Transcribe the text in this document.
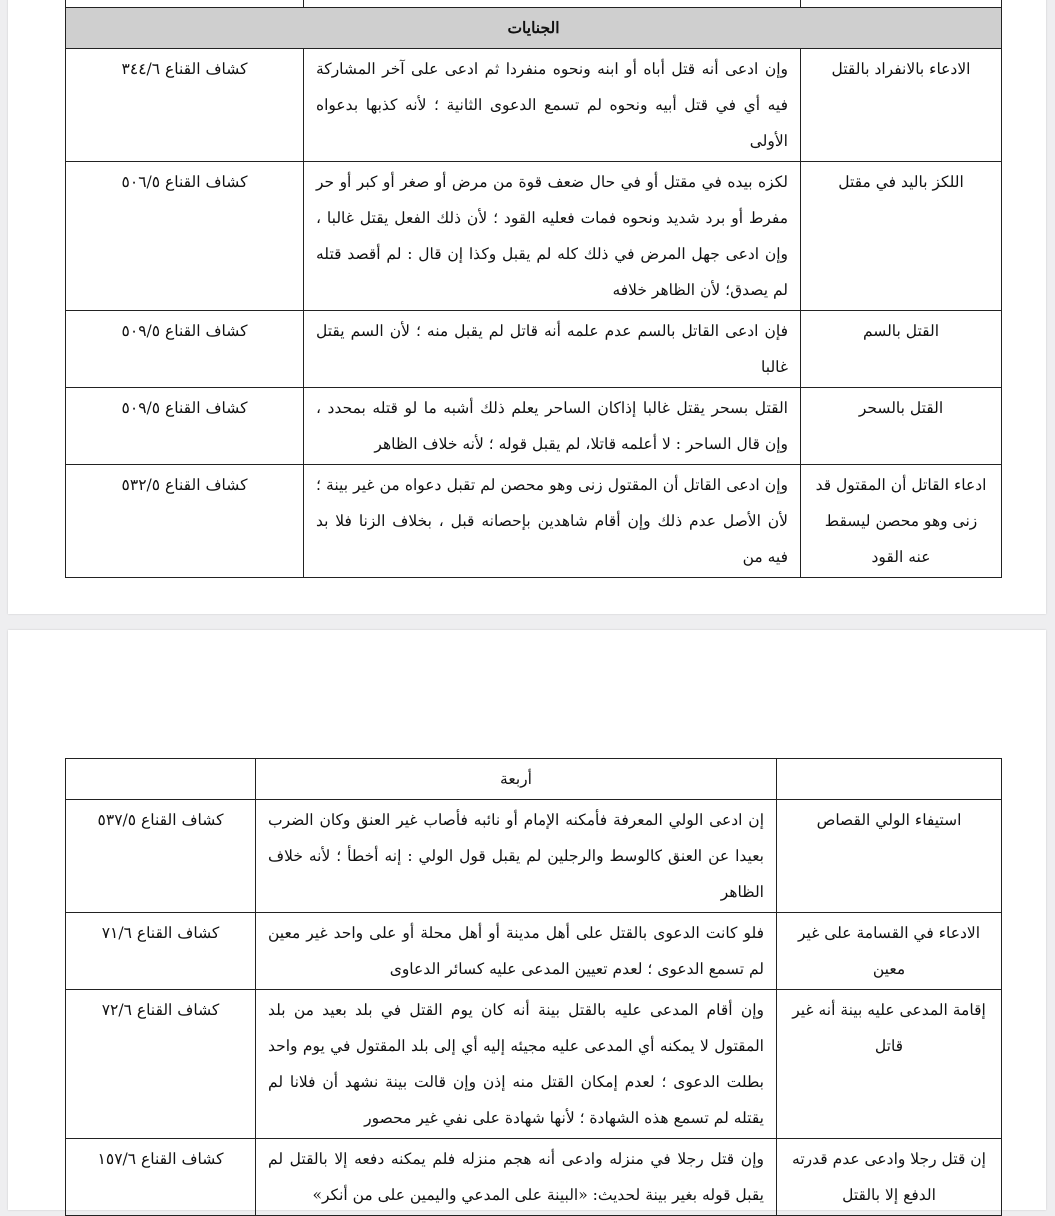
الجنايات		
الادعاء بالانفراد بالقتل	وإن ادعى أنه قتل أباه أو ابنه ونحوه منفردا ثم ادعى على آخر المشاركة فيه أي في قتل أبيه ونحوه لم تسمع الدعوى الثانية ؛ لأنه كذبها بدعواه الأولى	كشاف القناع ٣٤٤/٦
اللكز باليد في مقتل	لكزه بيده في مقتل أو في حال ضعف قوة من مرض أو صغر أو كبر أو حر مفرط أو برد شديد ونحوه فمات فعليه القود ؛ لأن ذلك الفعل يقتل غالبا ، وإن ادعى جهل المرض في ذلك كله لم يقبل وكذا إن قال : لم أقصد قتله لم يصدق؛ لأن الظاهر خلافه	كشاف القناع ٥٠٦/٥
القتل بالسم	فإن ادعى القاتل بالسم عدم علمه أنه قاتل لم يقبل منه ؛ لأن السم يقتل غالبا	كشاف القناع ٥٠٩/٥
القتل بالسحر	القتل بسحر يقتل غالبا إذاكان الساحر يعلم ذلك أشبه ما لو قتله بمحدد ، وإن قال الساحر : لا أعلمه قاتلا، لم يقبل قوله ؛ لأنه خلاف الظاهر	كشاف القناع ٥٠٩/٥
ادعاء القاتل أن المقتول قد زنى وهو محصن ليسقط عنه القود	وإن ادعى القاتل أن المقتول زنى وهو محصن لم تقبل دعواه من غير بينة ؛ لأن الأصل عدم ذلك وإن أقام شاهدين بإحصانه قبل ، بخلاف الزنا فلا بد فيه من	كشاف القناع ٥٣٢/٥
	أربعة	
استيفاء الولي القصاص	إن ادعى الولي المعرفة فأمكنه الإمام أو نائبه فأصاب غير العنق وكان الضرب بعيدا عن العنق كالوسط والرجلين لم يقبل قول الولي : إنه أخطأ ؛ لأنه خلاف الظاهر	كشاف القناع ٥٣٧/٥
الادعاء في القسامة على غير معين	فلو كانت الدعوى بالقتل على أهل مدينة أو أهل محلة أو على واحد غير معين لم تسمع الدعوى ؛ لعدم تعيين المدعى عليه كسائر الدعاوى	كشاف القناع ٧١/٦
إقامة المدعى عليه بينة أنه غير قاتل	وإن أقام المدعى عليه بالقتل بينة أنه كان يوم القتل في بلد بعيد من بلد المقتول لا يمكنه أي المدعى عليه مجيئه إليه أي إلى بلد المقتول في يوم واحد بطلت الدعوى ؛ لعدم إمكان القتل منه إذن وإن قالت بينة نشهد أن فلانا لم يقتله لم تسمع هذه الشهادة ؛ لأنها شهادة على نفي غير محصور	كشاف القناع ٧٢/٦
إن قتل رجلا وادعى عدم قدرته الدفع إلا بالقتل	وإن قتل رجلا في منزله وادعى أنه هجم منزله فلم يمكنه دفعه إلا بالقتل لم يقبل قوله بغير بينة لحديث: «البينة على المدعي واليمين على من أنكر»	كشاف القناع ١٥٧/٦
